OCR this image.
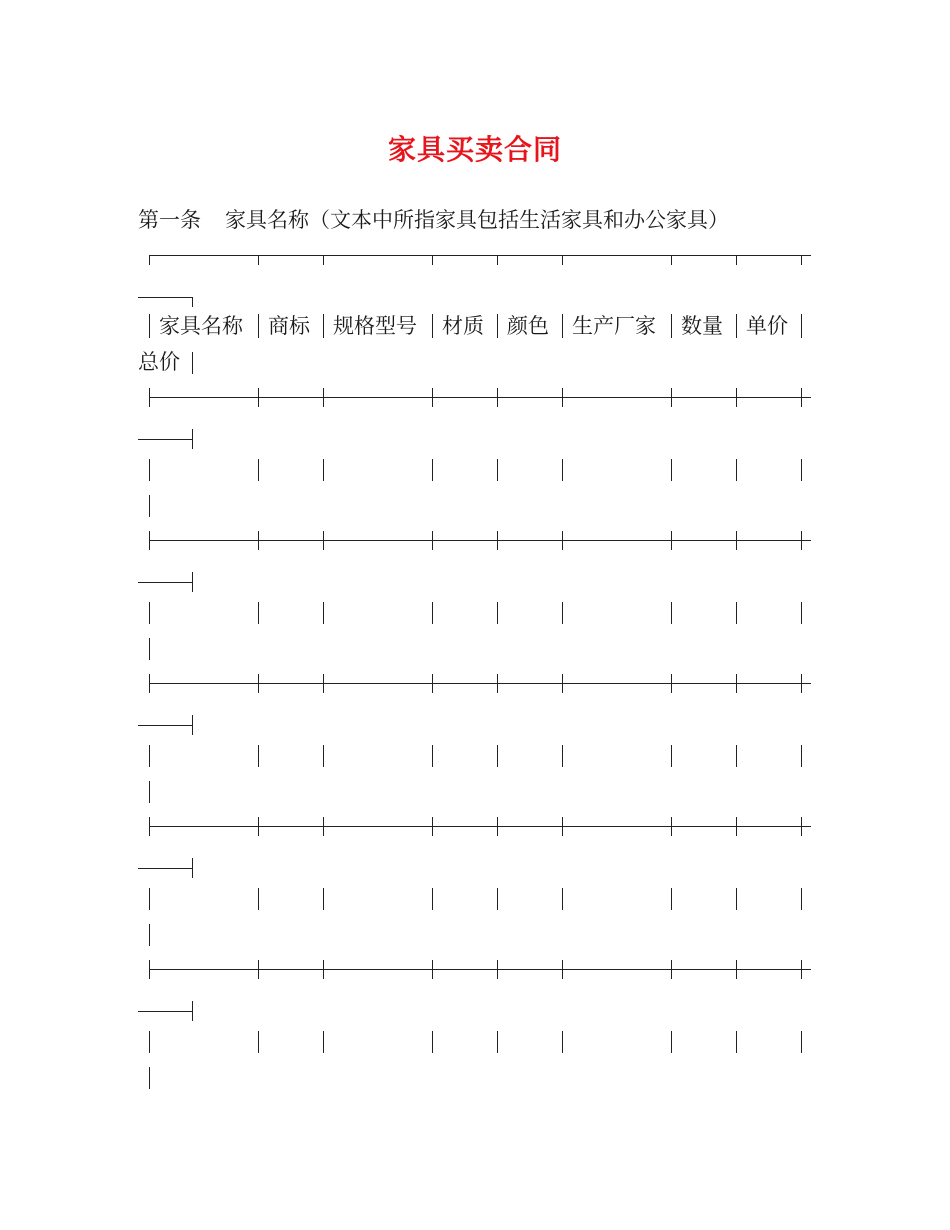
家具买卖合同
第一条 家具名称（文本中所指家具包括生活家具和办公家具）
家具名称 商标 规格型号 材质 颜色 生产厂家 数量 单价
总价
